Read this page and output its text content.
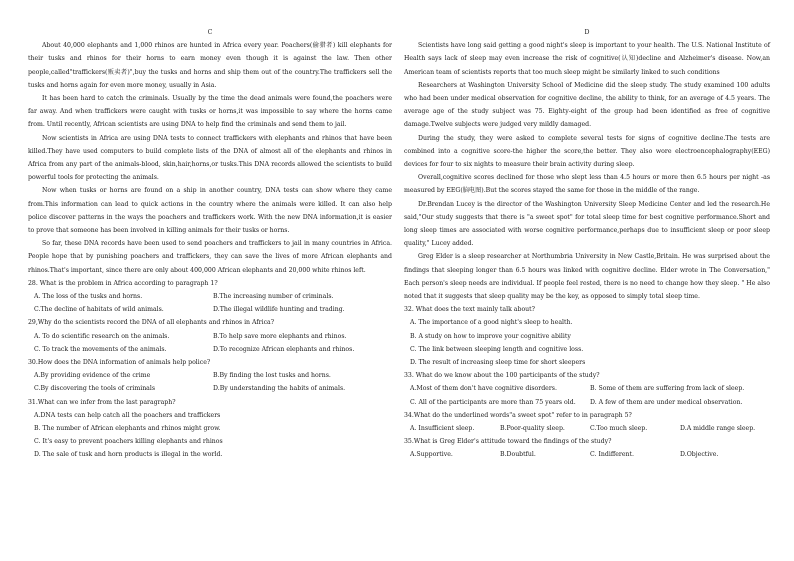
C
About 40,000 elephants and 1,000 rhinos are hunted in Africa every year. Poachers(偷猎者) kill elephants for their tusks and rhinos for their horns to earn money even though it is against the law. Then other people,called"traffickers(贩卖者)",buy the tusks and horns and ship them out of the country.The traffickers sell the tusks and horns again for even more money, usually in Asia.
It has been hard to catch the criminals. Usually by the time the dead animals were found,the poachers were far away. And when traffickers were caught with tusks or horns,it was impossible to say where the horns came from. Until recently, African scientists are using DNA to help find the criminals and send them to jail.
Now scientists in Africa are using DNA tests to connect traffickers with elephants and rhinos that have been killed.They have used computers to build complete lists of the DNA of almost all of the elephants and rhinos in Africa from any part of the animals-blood, skin,hair,horns,or tusks.This DNA records allowed the scientists to build powerful tools for protecting the animals.
Now when tusks or horns are found on a ship in another country, DNA tests can show where they came from.This information can lead to quick actions in the country where the animals were killed. It can also help police discover patterns in the ways the poachers and traffickers work. With the new DNA information,it is easier to prove that someone has been involved in killing animals for their tusks or horns.
So far, these DNA records have been used to send poachers and traffickers to jail in many countries in Africa. People hope that by punishing poachers and traffickers, they can save the lives of more African elephants and rhinos.That's important, since there are only about 400,000 African elephants and 20,000 white rhinos left.
28. What is the problem in Africa according to paragraph 1?
A. The loss of the tusks and horns.	B.The increasing number of criminals.
C.The decline of habitats of wild animals.	D.The illegal wildlife hunting and trading.
29,Why do the scientists record the DNA of all elephants and rhinos in Africa?
A. To do scientific research on the animals.	B.To help save more elephants and rhinos.
C. To track the movements of the animals.	D.To recognize African elephants and rhinos.
30.How does the DNA information of animals help police?
A.By providing evidence of the crime	B.By finding the lost tusks and horns.
C.By discovering the tools of criminals	D.By understanding the habits of animals.
31.What can we infer from the last paragraph?
A.DNA tests can help catch all the poachers and traffickers
B. The number of African elephants and rhinos might grow.
C. It's easy to prevent poachers killing elephants and rhinos
D. The sale of tusk and horn products is illegal in the world.
D
Scientists have long said getting a good night's sleep is important to your health. The U.S. National Institute of Health says lack of sleep may even increase the risk of cognitive(认知)decline and Alzheimer's disease. Now,an American team of scientists reports that too much sleep might be similarly linked to such conditions
Researchers at Washington University School of Medicine did the sleep study. The study examined 100 adults who had been under medical observation for cognitive decline, the ability to think, for an average of 4.5 years. The average age of the study subject was 75. Eighty-eight of the group had been identified as free of cognitive damage.Twelve subjects were judged very mildly damaged.
During the study, they were asked to complete several tests for signs of cognitive decline.The tests are combined into a cognitive score-the higher the score,the better. They also wore electroencephalography(EEG) devices for four to six nights to measure their brain activity during sleep.
Overall,cognitive scores declined for those who slept less than 4.5 hours or more then 6.5 hours per night -as measured by EEG(脑电图).But the scores stayed the same for those in the middle of the range.
Dr.Brendan Lucey is the director of the Washington University Sleep Medicine Center and led the research.He said,"Our study suggests that there is "a sweet spot" for total sleep time for best cognitive performance.Short and long sleep times are associated with worse cognitive performance,perhaps due to insufficient sleep or poor sleep quality," Lucey added.
Greg Elder is a sleep researcher at Northumbria University in New Castle,Britain. He was surprised about the findings that sleeping longer than 6.5 hours was linked with cognitive decline. Elder wrote in The Conversation," Each person's sleep needs are individual. If people feel rested, there is no need to change how they sleep. " He also noted that it suggests that sleep quality may be the key, as opposed to simply total sleep time.
32. What does the text mainly talk about?
A. The importance of a good night's sleep to health.
B. A study on how to improve your cognitive ability
C. The link between sleeping length and cognitive loss.
D. The result of increasing sleep time for short sleepers
33. What do we know about the 100 participants of the study?
A.Most of them don't have cognitive disorders.	B. Some of them are suffering from lack of sleep.
C. All of the participants are more than 75 years old.	D. A few of them are under medical observation.
34.What do the underlined words"a sweet spot" refer to in paragraph 5?
A. Insufficient sleep.	B.Poor-quality sleep.	C.Too much sleep.	D.A middle range sleep.
35.What is Greg Elder's attitude toward the findings of the study?
A.Supportive.	B.Doubtful.	C. Indifferent.	D.Objective.
